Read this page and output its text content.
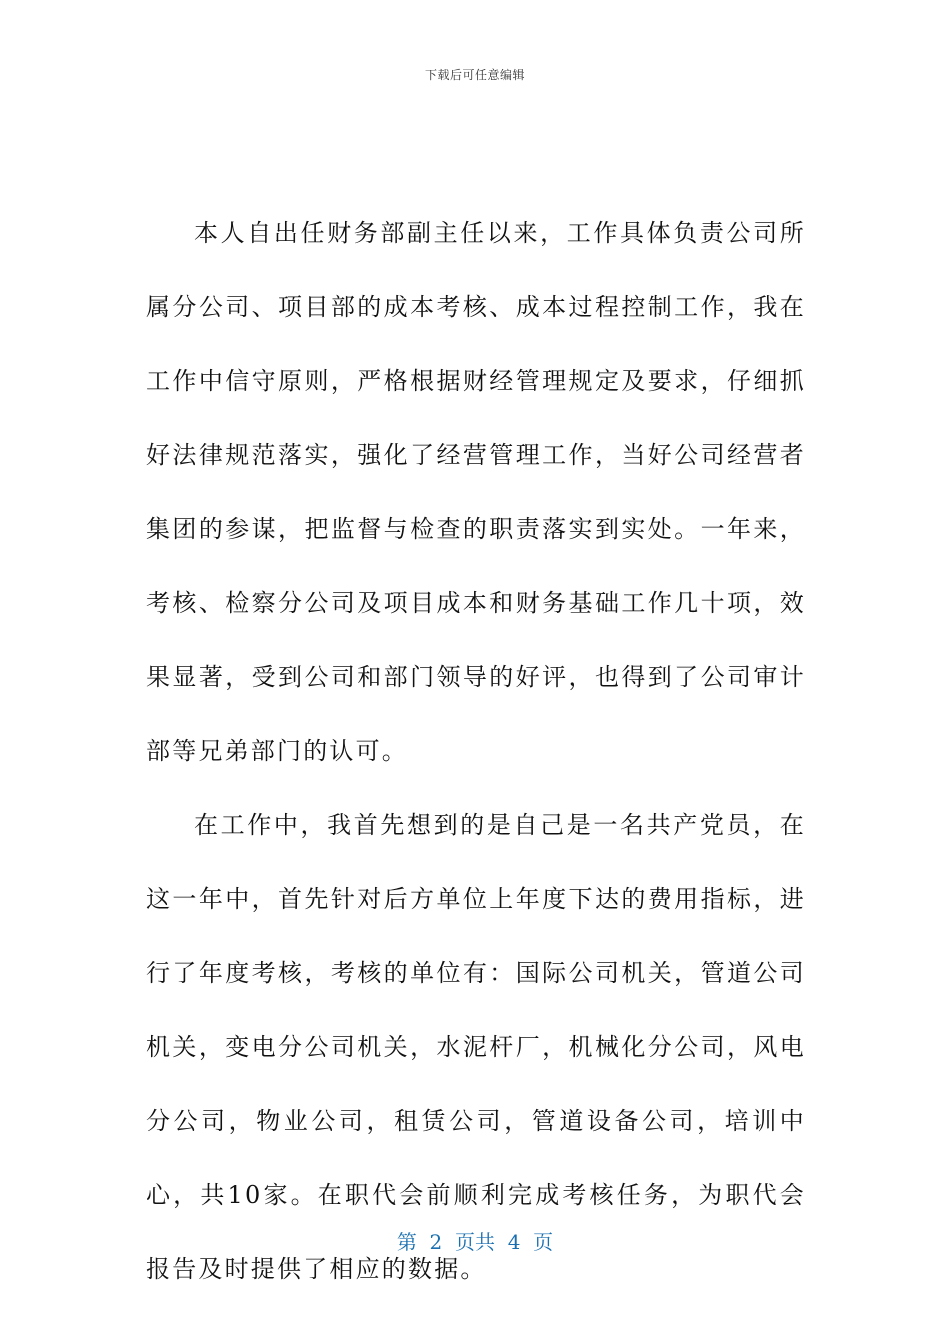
下载后可任意编辑

本人自出任财务部副主任以来，工作具体负责公司所属分公司、项目部的成本考核、成本过程控制工作，我在工作中信守原则，严格根据财经管理规定及要求，仔细抓好法律规范落实，强化了经营管理工作，当好公司经营者集团的参谋，把监督与检查的职责落实到实处。一年来，考核、检察分公司及项目成本和财务基础工作几十项，效果显著，受到公司和部门领导的好评，也得到了公司审计部等兄弟部门的认可。

在工作中，我首先想到的是自己是一名共产党员，在这一年中，首先针对后方单位上年度下达的费用指标，进行了年度考核，考核的单位有：国际公司机关，管道公司机关，变电分公司机关，水泥杆厂，机械化分公司，风电分公司，物业公司，租赁公司，管道设备公司，培训中心，共10家。在职代会前顺利完成考核任务，为职代会报告及时提供了相应的数据。

第  2  页共  4  页
